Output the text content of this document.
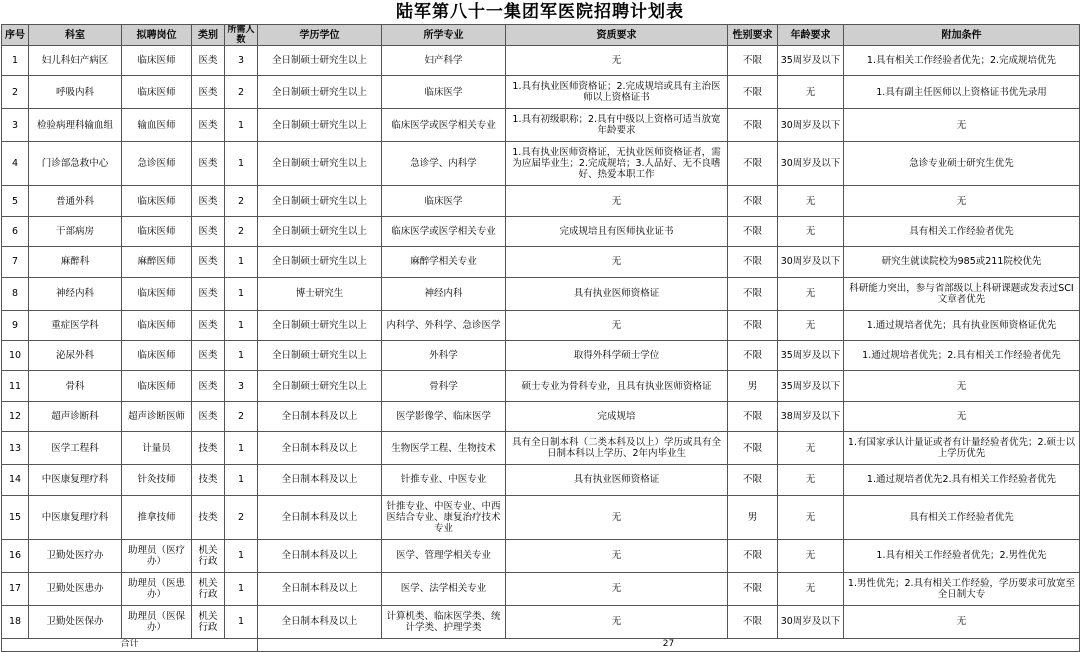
陆军第八十一集团军医院招聘计划表
序号	科室	拟聘岗位	类别	所需人数	学历学位	所学专业	资质要求	性别要求	年龄要求	附加条件
1	妇儿科妇产病区	临床医师	医类	3	全日制硕士研究生以上	妇产科学	无	不限	35周岁及以下	1.具有相关工作经验者优先；2.完成规培优先
2	呼吸内科	临床医师	医类	2	全日制硕士研究生以上	临床医学	1.具有执业医师资格证；2.完成规培或具有主治医师以上资格证书	不限	无	1.具有副主任医师以上资格证书优先录用
3	检验病理科输血组	输血医师	医类	1	全日制硕士研究生以上	临床医学或医学相关专业	1.具有初级职称；2.具有中级以上资格可适当放宽年龄要求	不限	30周岁及以下	无
4	门诊部急救中心	急诊医师	医类	1	全日制硕士研究生以上	急诊学、内科学	1.具有执业医师资格证，无执业医师资格证者，需为应届毕业生；2.完成规培；3.人品好、无不良嗜好、热爱本职工作	不限	30周岁及以下	急诊专业硕士研究生优先
5	普通外科	临床医师	医类	2	全日制硕士研究生以上	临床医学	无	不限	无	无
6	干部病房	临床医师	医类	2	全日制硕士研究生以上	临床医学或医学相关专业	完成规培且有医师执业证书	不限	无	具有相关工作经验者优先
7	麻醉科	麻醉医师	医类	1	全日制硕士研究生以上	麻醉学相关专业	无	不限	30周岁及以下	研究生就读院校为985或211院校优先
8	神经内科	临床医师	医类	1	博士研究生	神经内科	具有执业医师资格证	不限	无	科研能力突出，参与省部级以上科研课题或发表过SCI文章者优先
9	重症医学科	临床医师	医类	1	全日制硕士研究生以上	内科学、外科学、急诊医学	无	不限	无	1.通过规培者优先；具有执业医师资格证优先
10	泌尿外科	临床医师	医类	1	全日制硕士研究生以上	外科学	取得外科学硕士学位	不限	35周岁及以下	1.通过规培者优先；2.具有相关工作经验者优先
11	骨科	临床医师	医类	3	全日制硕士研究生以上	骨科学	硕士专业为骨科专业，且具有执业医师资格证	男	35周岁及以下	无
12	超声诊断科	超声诊断医师	医类	2	全日制本科及以上	医学影像学、临床医学	完成规培	不限	38周岁及以下	无
13	医学工程科	计量员	技类	1	全日制本科及以上	生物医学工程、生物技术	具有全日制本科（二类本科及以上）学历或具有全日制本科以上学历、2年内毕业生	不限	无	1.有国家承认计量证或者有计量经验者优先；2.硕士以上学历优先
14	中医康复理疗科	针灸技师	技类	1	全日制本科及以上	针推专业、中医专业	具有执业医师资格证	不限	无	1.通过规培者优先2.具有相关工作经验者优先
15	中医康复理疗科	推拿技师	技类	2	全日制本科及以上	针推专业、中医专业、中西医结合专业、康复治疗技术专业	无	男	无	具有相关工作经验者优先
16	卫勤处医疗办	助理员（医疗办）	机关行政	1	全日制本科及以上	医学、管理学相关专业	无	不限	无	1.具有相关工作经验者优先；2.男性优先
17	卫勤处医患办	助理员（医患办）	机关行政	1	全日制本科及以上	医学、法学相关专业	无	不限	无	1.男性优先；2.具有相关工作经验，学历要求可放宽至全日制大专
18	卫勤处医保办	助理员（医保办）	机关行政	1	全日制本科及以上	计算机类、临床医学类、统计学类、护理学类	无	不限	30周岁及以下	无
合计					27					
